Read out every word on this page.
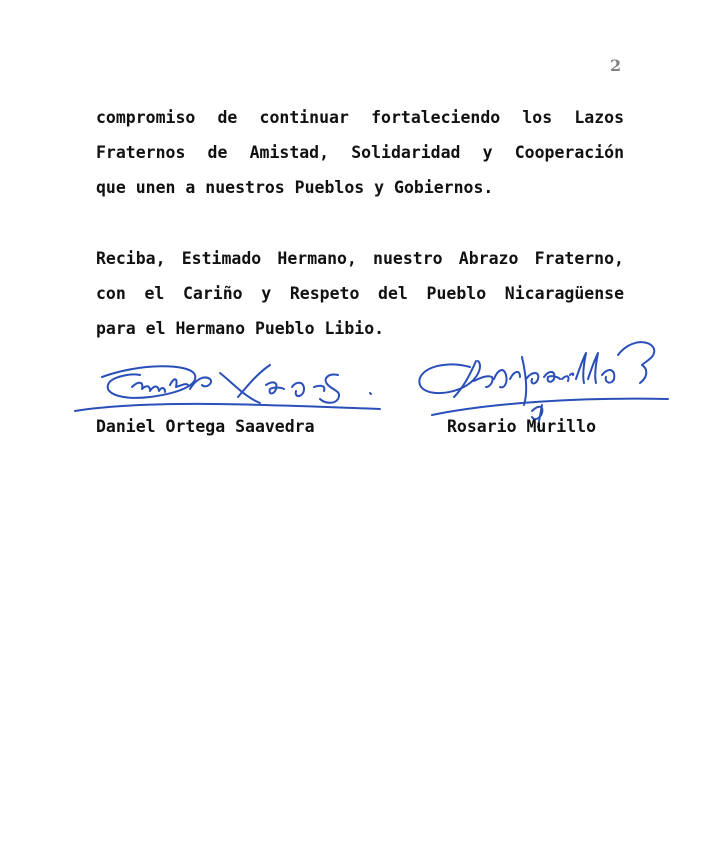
2
compromiso de continuar fortaleciendo los Lazos
Fraternos de Amistad, Solidaridad y Cooperación
que unen a nuestros Pueblos y Gobiernos.
Reciba, Estimado Hermano, nuestro Abrazo Fraterno,
con el Cariño y Respeto del Pueblo Nicaragüense
para el Hermano Pueblo Libio.
Daniel Ortega Saavedra	Rosario Murillo
